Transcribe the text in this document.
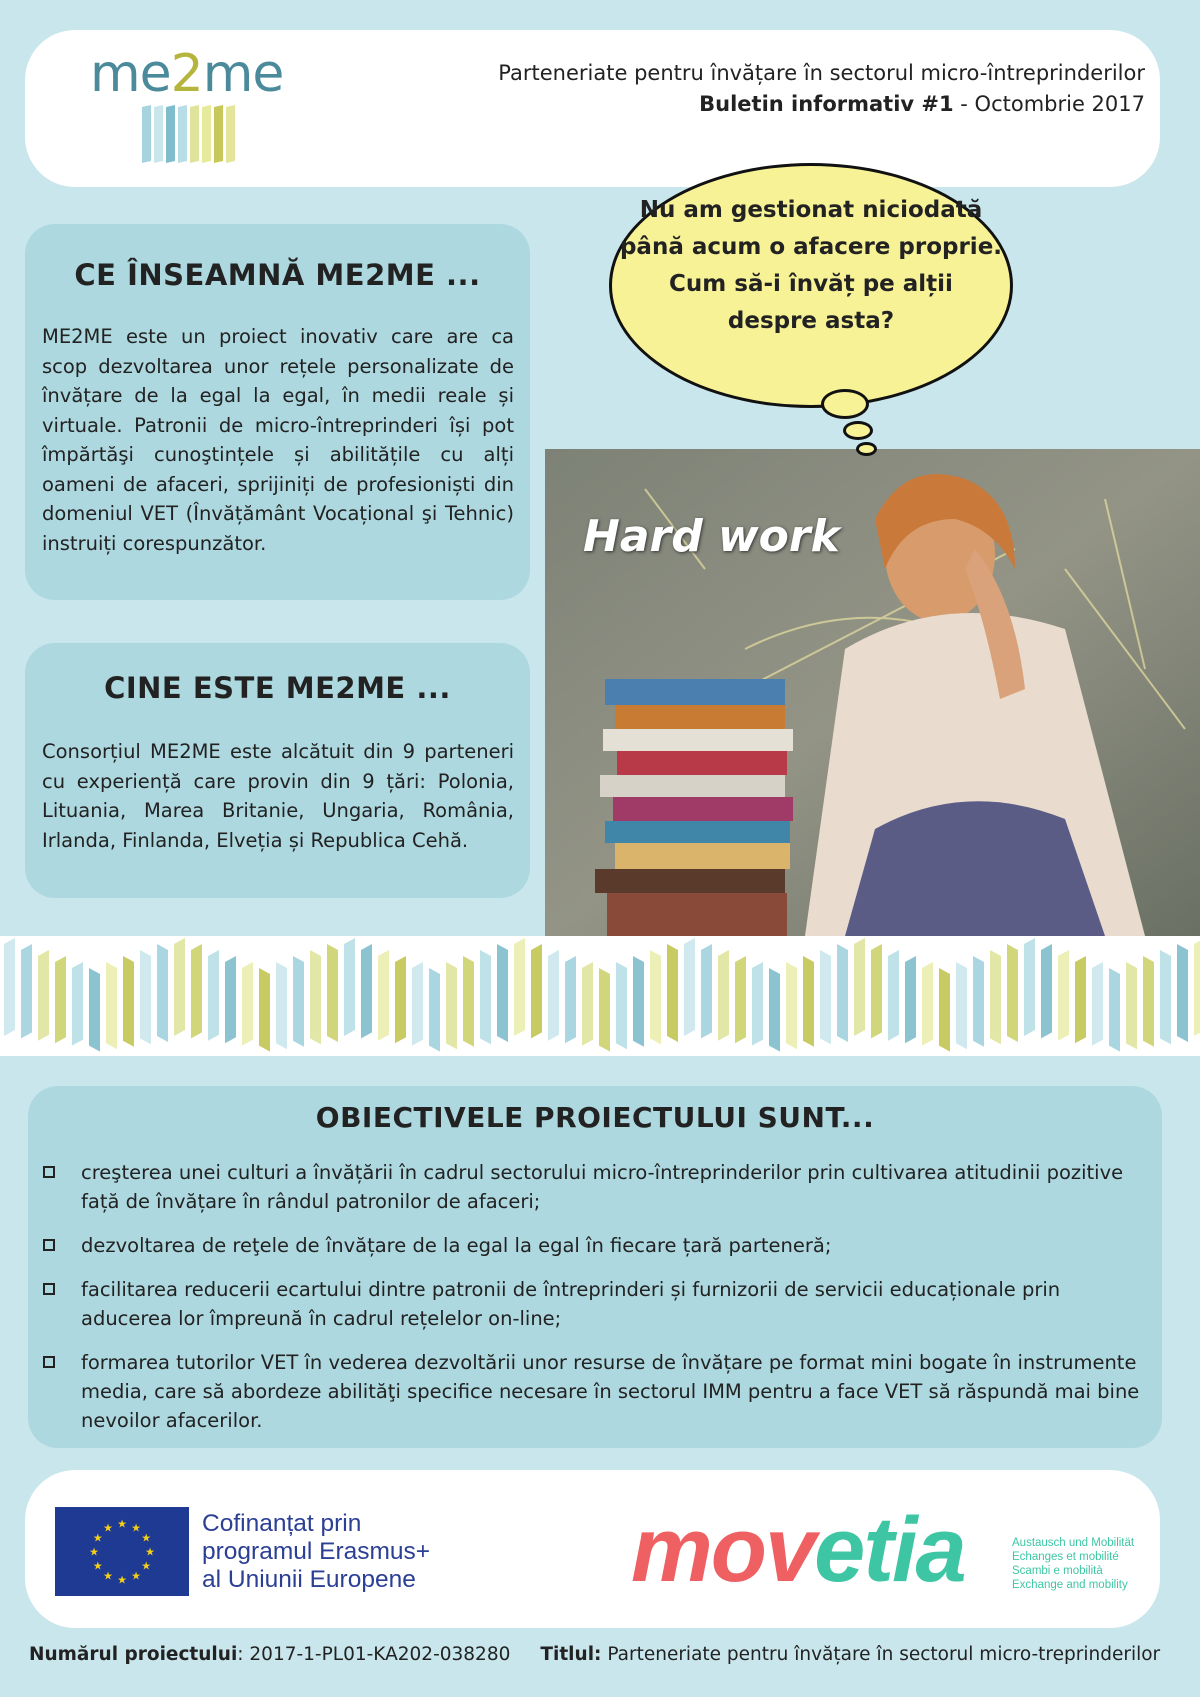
me2me	Parteneriate pentru învățare în sectorul micro-întreprinderilor
Buletin informativ #1 - Octombrie 2017
CE ÎNSEAMNĂ ME2ME ...

ME2ME este un proiect inovativ care are ca scop dezvoltarea unor rețele personalizate de învățare de la egal la egal, în medii reale și virtuale. Patronii de micro-întreprinderi își pot împărtăşi cunoştințele și abilitățile cu alți oameni de afaceri, sprijiniți de profesioniști din domeniul VET (Învățământ Vocațional şi Tehnic) instruiți corespunzător.

CINE ESTE ME2ME ...

Consorțiul ME2ME este alcătuit din 9 parteneri cu experiență care provin din 9 țări: Polonia, Lituania, Marea Britanie, Ungaria, România, Irlanda, Finlanda, Elveția și Republica Cehă.

Hard work

Nu am gestionat niciodată
până acum o afacere proprie.
Cum să-i învăț pe alții
despre asta?

OBIECTIVELE PROIECTULUI SUNT...
creşterea unei culturi a învățării în cadrul sectorului micro-întreprinderilor prin cultivarea atitudinii pozitive față de învățare în rândul patronilor de afaceri;
dezvoltarea de reţele de învățare de la egal la egal în fiecare țară parteneră;
facilitarea reducerii ecartului dintre patronii de întreprinderi și furnizorii de servicii educaționale prin aducerea lor împreună în cadrul rețelelor on-line;
formarea tutorilor VET în vederea dezvoltării unor resurse de învățare pe format mini bogate în instrumente media, care să abordeze abilităţi specifice necesare în sectorul IMM pentru a face VET să răspundă mai bine nevoilor afacerilor.
★ ★
★
★
★
★
★
★
★
★
★
★	Cofinanțat prin
programul Erasmus+
al Uniunii Europene movetia	Austausch und Mobilität
Echanges et mobilité
Scambi e mobilità
Exchange and mobility
Numărul proiectului: 2017-1-PL01-KA202-038280 Titlul: Parteneriate pentru învățare în sectorul micro-treprinderilor
